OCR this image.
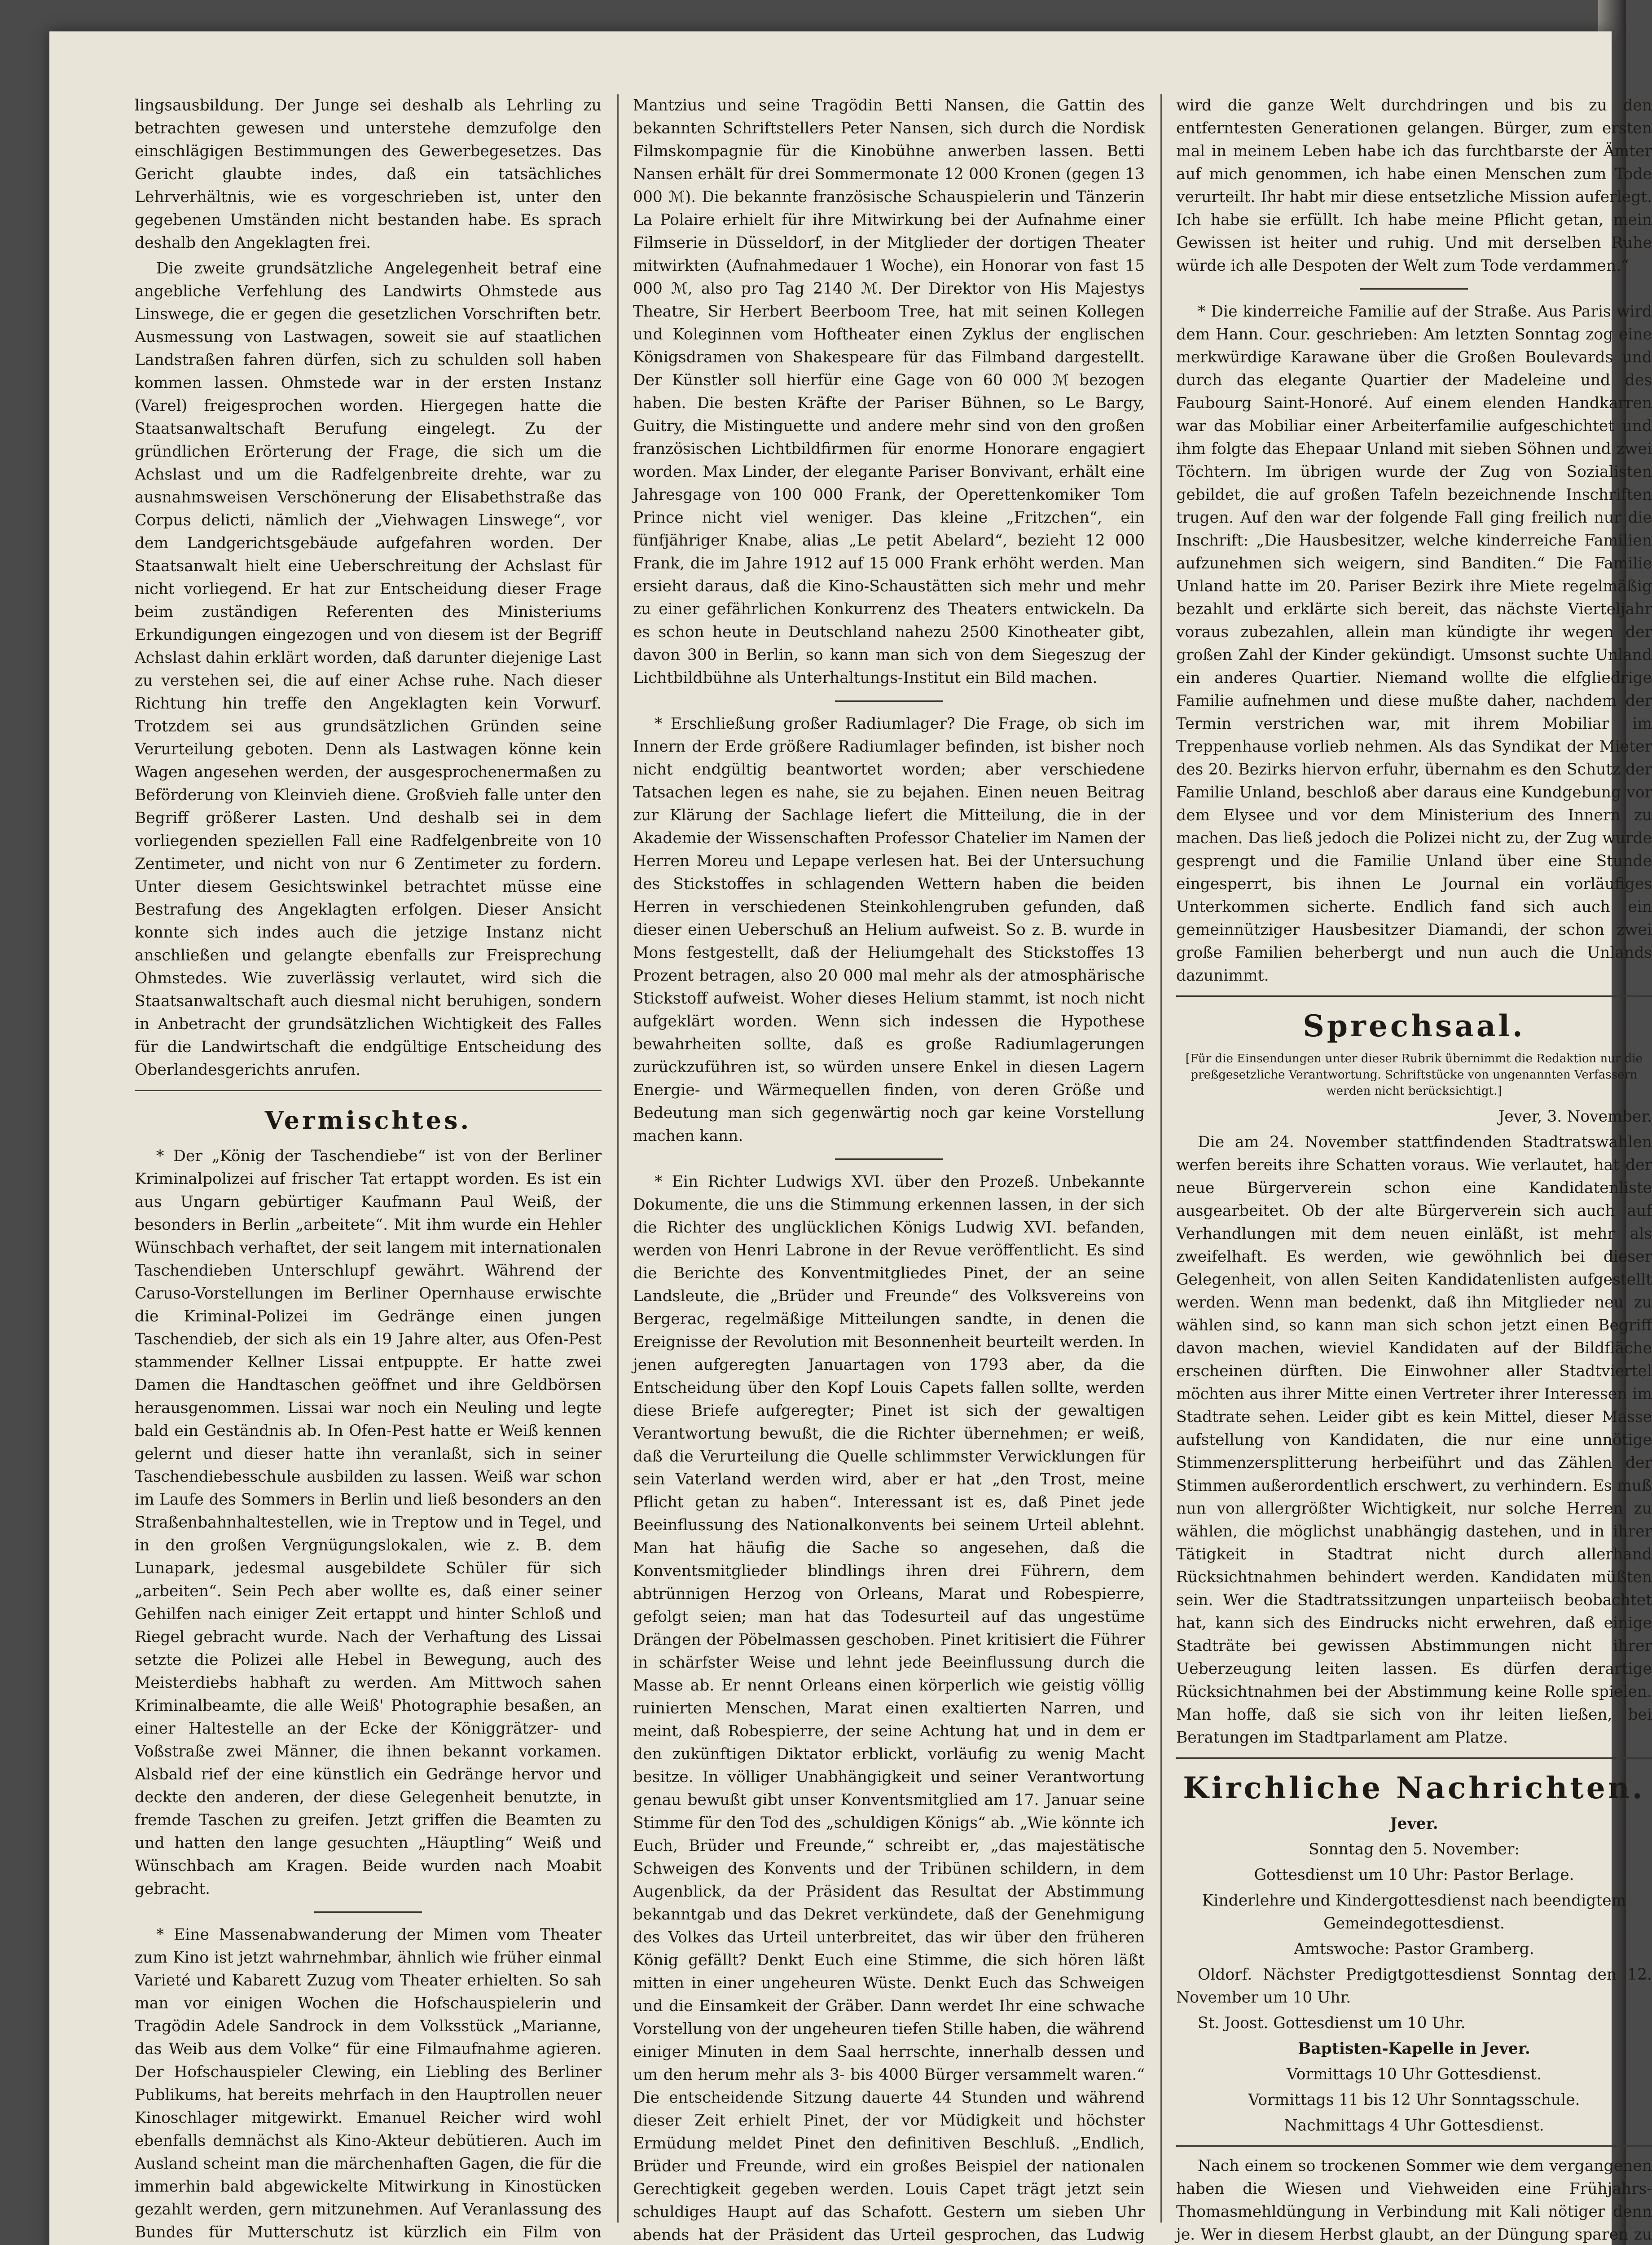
lingsausbildung. Der Junge sei deshalb als Lehrling zu betrachten gewesen und unterstehe demzufolge den einschlägigen Bestimmungen des Gewerbegesetzes. Das Gericht glaubte indes, daß ein tatsächliches Lehrverhältnis, wie es vorgeschrieben ist, unter den gegebenen Umständen nicht bestanden habe. Es sprach deshalb den Angeklagten frei.

Die zweite grundsätzliche Angelegenheit betraf eine angebliche Verfehlung des Landwirts Ohmstede aus Linswege, die er gegen die gesetzlichen Vorschriften betr. Ausmessung von Lastwagen, soweit sie auf staatlichen Landstraßen fahren dürfen, sich zu schulden soll haben kommen lassen. Ohmstede war in der ersten Instanz (Varel) freigesprochen worden. Hiergegen hatte die Staatsanwaltschaft Berufung eingelegt. Zu der gründlichen Erörterung der Frage, die sich um die Achslast und um die Radfelgenbreite drehte, war zu ausnahmsweisen Verschönerung der Elisabethstraße das Corpus delicti, nämlich der „Viehwagen Linswege“, vor dem Landgerichtsgebäude aufgefahren worden. Der Staatsanwalt hielt eine Ueberschreitung der Achslast für nicht vorliegend. Er hat zur Entscheidung dieser Frage beim zuständigen Referenten des Ministeriums Erkundigungen eingezogen und von diesem ist der Begriff Achslast dahin erklärt worden, daß darunter diejenige Last zu verstehen sei, die auf einer Achse ruhe. Nach dieser Richtung hin treffe den Angeklagten kein Vorwurf. Trotzdem sei aus grundsätzlichen Gründen seine Verurteilung geboten. Denn als Lastwagen könne kein Wagen angesehen werden, der ausgesprochenermaßen zu Beförderung von Kleinvieh diene. Großvieh falle unter den Begriff größerer Lasten. Und deshalb sei in dem vorliegenden speziellen Fall eine Radfelgenbreite von 10 Zentimeter, und nicht von nur 6 Zentimeter zu fordern. Unter diesem Gesichtswinkel betrachtet müsse eine Bestrafung des Angeklagten erfolgen. Dieser Ansicht konnte sich indes auch die jetzige Instanz nicht anschließen und gelangte ebenfalls zur Freisprechung Ohmstedes. Wie zuverlässig verlautet, wird sich die Staatsanwaltschaft auch diesmal nicht beruhigen, sondern in Anbetracht der grundsätzlichen Wichtigkeit des Falles für die Landwirtschaft die endgültige Entscheidung des Oberlandesgerichts anrufen.

Vermischtes.

* Der „König der Taschendiebe“ ist von der Berliner Kriminalpolizei auf frischer Tat ertappt worden. Es ist ein aus Ungarn gebürtiger Kaufmann Paul Weiß, der besonders in Berlin „arbeitete“. Mit ihm wurde ein Hehler Wünschbach verhaftet, der seit langem mit internationalen Taschendieben Unterschlupf gewährt. Während der Caruso-Vorstellungen im Berliner Opernhause erwischte die Kriminal-Polizei im Gedränge einen jungen Taschendieb, der sich als ein 19 Jahre alter, aus Ofen-Pest stammender Kellner Lissai entpuppte. Er hatte zwei Damen die Handtaschen geöffnet und ihre Geldbörsen herausgenommen. Lissai war noch ein Neuling und legte bald ein Geständnis ab. In Ofen-Pest hatte er Weiß kennen gelernt und dieser hatte ihn veranlaßt, sich in seiner Taschendiebesschule ausbilden zu lassen. Weiß war schon im Laufe des Sommers in Berlin und ließ besonders an den Straßenbahnhaltestellen, wie in Treptow und in Tegel, und in den großen Vergnügungslokalen, wie z. B. dem Lunapark, jedesmal ausgebildete Schüler für sich „arbeiten“. Sein Pech aber wollte es, daß einer seiner Gehilfen nach einiger Zeit ertappt und hinter Schloß und Riegel gebracht wurde. Nach der Verhaftung des Lissai setzte die Polizei alle Hebel in Bewegung, auch des Meisterdiebs habhaft zu werden. Am Mittwoch sahen Kriminalbeamte, die alle Weiß' Photographie besaßen, an einer Haltestelle an der Ecke der Königgrätzer- und Voßstraße zwei Männer, die ihnen bekannt vorkamen. Alsbald rief der eine künstlich ein Gedränge hervor und deckte den anderen, der diese Gelegenheit benutzte, in fremde Taschen zu greifen. Jetzt griffen die Beamten zu und hatten den lange gesuchten „Häuptling“ Weiß und Wünschbach am Kragen. Beide wurden nach Moabit gebracht.

* Eine Massenabwanderung der Mimen vom Theater zum Kino ist jetzt wahrnehmbar, ähnlich wie früher einmal Varieté und Kabarett Zuzug vom Theater erhielten. So sah man vor einigen Wochen die Hofschauspielerin und Tragödin Adele Sandrock in dem Volksstück „Marianne, das Weib aus dem Volke“ für eine Filmaufnahme agieren. Der Hofschauspieler Clewing, ein Liebling des Berliner Publikums, hat bereits mehrfach in den Hauptrollen neuer Kinoschlager mitgewirkt. Emanuel Reicher wird wohl ebenfalls demnächst als Kino-Akteur debütieren. Auch im Ausland scheint man die märchenhaften Gagen, die für die immerhin bald abgewickelte Mitwirkung in Kinostücken gezahlt werden, gern mitzunehmen. Auf Veranlassung des Bundes für Mutterschutz ist kürzlich ein Film von

Mantzius und seine Tragödin Betti Nansen, die Gattin des bekannten Schriftstellers Peter Nansen, sich durch die Nordisk Filmskompagnie für die Kinobühne anwerben lassen. Betti Nansen erhält für drei Sommermonate 12 000 Kronen (gegen 13 000 ℳ). Die bekannte französische Schauspielerin und Tänzerin La Polaire erhielt für ihre Mitwirkung bei der Aufnahme einer Filmserie in Düsseldorf, in der Mitglieder der dortigen Theater mitwirkten (Aufnahmedauer 1 Woche), ein Honorar von fast 15 000 ℳ, also pro Tag 2140 ℳ. Der Direktor von His Majestys Theatre, Sir Herbert Beerboom Tree, hat mit seinen Kollegen und Koleginnen vom Hoftheater einen Zyklus der englischen Königsdramen von Shakespeare für das Filmband dargestellt. Der Künstler soll hierfür eine Gage von 60 000 ℳ bezogen haben. Die besten Kräfte der Pariser Bühnen, so Le Bargy, Guitry, die Mistinguette und andere mehr sind von den großen französischen Lichtbildfirmen für enorme Honorare engagiert worden. Max Linder, der elegante Pariser Bonvivant, erhält eine Jahresgage von 100 000 Frank, der Operettenkomiker Tom Prince nicht viel weniger. Das kleine „Fritzchen“, ein fünfjähriger Knabe, alias „Le petit Abelard“, bezieht 12 000 Frank, die im Jahre 1912 auf 15 000 Frank erhöht werden. Man ersieht daraus, daß die Kino-Schaustätten sich mehr und mehr zu einer gefährlichen Konkurrenz des Theaters entwickeln. Da es schon heute in Deutschland nahezu 2500 Kinotheater gibt, davon 300 in Berlin, so kann man sich von dem Siegeszug der Lichtbildbühne als Unterhaltungs-Institut ein Bild machen.

* Erschließung großer Radiumlager? Die Frage, ob sich im Innern der Erde größere Radiumlager befinden, ist bisher noch nicht endgültig beantwortet worden; aber verschiedene Tatsachen legen es nahe, sie zu bejahen. Einen neuen Beitrag zur Klärung der Sachlage liefert die Mitteilung, die in der Akademie der Wissenschaften Professor Chatelier im Namen der Herren Moreu und Lepape verlesen hat. Bei der Untersuchung des Stickstoffes in schlagenden Wettern haben die beiden Herren in verschiedenen Steinkohlengruben gefunden, daß dieser einen Ueberschuß an Helium aufweist. So z. B. wurde in Mons festgestellt, daß der Heliumgehalt des Stickstoffes 13 Prozent betragen, also 20 000 mal mehr als der atmosphärische Stickstoff aufweist. Woher dieses Helium stammt, ist noch nicht aufgeklärt worden. Wenn sich indessen die Hypothese bewahrheiten sollte, daß es große Radiumlagerungen zurückzuführen ist, so würden unsere Enkel in diesen Lagern Energie- und Wärmequellen finden, von deren Größe und Bedeutung man sich gegenwärtig noch gar keine Vorstellung machen kann.

* Ein Richter Ludwigs XVI. über den Prozeß. Unbekannte Dokumente, die uns die Stimmung erkennen lassen, in der sich die Richter des unglücklichen Königs Ludwig XVI. befanden, werden von Henri Labrone in der Revue veröffentlicht. Es sind die Berichte des Konventmitgliedes Pinet, der an seine Landsleute, die „Brüder und Freunde“ des Volksvereins von Bergerac, regelmäßige Mitteilungen sandte, in denen die Ereignisse der Revolution mit Besonnenheit beurteilt werden. In jenen aufgeregten Januartagen von 1793 aber, da die Entscheidung über den Kopf Louis Capets fallen sollte, werden diese Briefe aufgeregter; Pinet ist sich der gewaltigen Verantwortung bewußt, die die Richter übernehmen; er weiß, daß die Verurteilung die Quelle schlimmster Verwicklungen für sein Vaterland werden wird, aber er hat „den Trost, meine Pflicht getan zu haben“. Interessant ist es, daß Pinet jede Beeinflussung des Nationalkonvents bei seinem Urteil ablehnt. Man hat häufig die Sache so angesehen, daß die Konventsmitglieder blindlings ihren drei Führern, dem abtrünnigen Herzog von Orleans, Marat und Robespierre, gefolgt seien; man hat das Todesurteil auf das ungestüme Drängen der Pöbelmassen geschoben. Pinet kritisiert die Führer in schärfster Weise und lehnt jede Beeinflussung durch die Masse ab. Er nennt Orleans einen körperlich wie geistig völlig ruinierten Menschen, Marat einen exaltierten Narren, und meint, daß Robespierre, der seine Achtung hat und in dem er den zukünftigen Diktator erblickt, vorläufig zu wenig Macht besitze. In völliger Unabhängigkeit und seiner Verantwortung genau bewußt gibt unser Konventsmitglied am 17. Januar seine Stimme für den Tod des „schuldigen Königs“ ab. „Wie könnte ich Euch, Brüder und Freunde,“ schreibt er, „das majestätische Schweigen des Konvents und der Tribünen schildern, in dem Augenblick, da der Präsident das Resultat der Abstimmung bekanntgab und das Dekret verkündete, daß der Genehmigung des Volkes das Urteil unterbreitet, das wir über den früheren König gefällt? Denkt Euch eine Stimme, die sich hören läßt mitten in einer ungeheuren Wüste. Denkt Euch das Schweigen und die Einsamkeit der Gräber. Dann werdet Ihr eine schwache Vorstellung von der ungeheuren tiefen Stille haben, die während einiger Minuten in dem Saal herrschte, innerhalb dessen und um den herum mehr als 3- bis 4000 Bürger versammelt waren.“ Die entscheidende Sitzung dauerte 44 Stunden und während dieser Zeit erhielt Pinet, der vor Müdigkeit und höchster Ermüdung meldet Pinet den definitiven Beschluß. „Endlich, Brüder und Freunde, wird ein großes Beispiel der nationalen Gerechtigkeit gegeben werden. Louis Capet trägt jetzt sein schuldiges Haupt auf das Schafott. Gestern um sieben Uhr abends hat der Präsident das Urteil gesprochen, das Ludwig

wird die ganze Welt durchdringen und bis zu den entferntesten Generationen gelangen. Bürger, zum ersten mal in meinem Leben habe ich das furchtbarste der Ämter auf mich genommen, ich habe einen Menschen zum Tode verurteilt. Ihr habt mir diese entsetzliche Mission auferlegt. Ich habe sie erfüllt. Ich habe meine Pflicht getan, mein Gewissen ist heiter und ruhig. Und mit derselben Ruhe würde ich alle Despoten der Welt zum Tode verdammen.“

* Die kinderreiche Familie auf der Straße. Aus Paris wird dem Hann. Cour. geschrieben: Am letzten Sonntag zog eine merkwürdige Karawane über die Großen Boulevards und durch das elegante Quartier der Madeleine und des Faubourg Saint-Honoré. Auf einem elenden Handkarren war das Mobiliar einer Arbeiterfamilie aufgeschichtet und ihm folgte das Ehepaar Unland mit sieben Söhnen und zwei Töchtern. Im übrigen wurde der Zug von Sozialisten gebildet, die auf großen Tafeln bezeichnende Inschriften trugen. Auf den war der folgende Fall ging freilich nur die Inschrift: „Die Hausbesitzer, welche kinderreiche Familien aufzunehmen sich weigern, sind Banditen.“ Die Familie Unland hatte im 20. Pariser Bezirk ihre Miete regelmäßig bezahlt und erklärte sich bereit, das nächste Vierteljahr voraus zubezahlen, allein man kündigte ihr wegen der großen Zahl der Kinder gekündigt. Umsonst suchte Unland ein anderes Quartier. Niemand wollte die elfgliedrige Familie aufnehmen und diese mußte daher, nachdem der Termin verstrichen war, mit ihrem Mobiliar im Treppenhause vorlieb nehmen. Als das Syndikat der Mieter des 20. Bezirks hiervon erfuhr, übernahm es den Schutz der Familie Unland, beschloß aber daraus eine Kundgebung vor dem Elysee und vor dem Ministerium des Innern zu machen. Das ließ jedoch die Polizei nicht zu, der Zug wurde gesprengt und die Familie Unland über eine Stunde eingesperrt, bis ihnen Le Journal ein vorläufiges Unterkommen sicherte. Endlich fand sich auch ein gemeinnütziger Hausbesitzer Diamandi, der schon zwei große Familien beherbergt und nun auch die Unlands dazunimmt.

Sprechsaal.
[Für die Einsendungen unter dieser Rubrik übernimmt die Redaktion nur die preßgesetzliche Verantwortung. Schriftstücke von ungenannten Verfassern werden nicht berücksichtigt.]

Jever, 3. November.

Die am 24. November stattfindenden Stadtratswahlen werfen bereits ihre Schatten voraus. Wie verlautet, hat der neue Bürgerverein schon eine Kandidatenliste ausgearbeitet. Ob der alte Bürgerverein sich auch auf Verhandlungen mit dem neuen einläßt, ist mehr als zweifelhaft. Es werden, wie gewöhnlich bei dieser Gelegenheit, von allen Seiten Kandidatenlisten aufgestellt werden. Wenn man bedenkt, daß ihn Mitglieder neu zu wählen sind, so kann man sich schon jetzt einen Begriff davon machen, wieviel Kandidaten auf der Bildfläche erscheinen dürften. Die Einwohner aller Stadtviertel möchten aus ihrer Mitte einen Vertreter ihrer Interessen im Stadtrate sehen. Leider gibt es kein Mittel, dieser Masse aufstellung von Kandidaten, die nur eine unnötige Stimmenzersplitterung herbeiführt und das Zählen der Stimmen außerordentlich erschwert, zu verhindern. Es muß nun von allergrößter Wichtigkeit, nur solche Herren zu wählen, die möglichst unabhängig dastehen, und in ihrer Tätigkeit in Stadtrat nicht durch allerhand Rücksichtnahmen behindert werden. Kandidaten müßten sein. Wer die Stadtratssitzungen unparteiisch beobachtet hat, kann sich des Eindrucks nicht erwehren, daß einige Stadträte bei gewissen Abstimmungen nicht ihrer Ueberzeugung leiten lassen. Es dürfen derartige Rücksichtnahmen bei der Abstimmung keine Rolle spielen. Man hoffe, daß sie sich von ihr leiten ließen, bei Beratungen im Stadtparlament am Platze.

Kirchliche Nachrichten.

Jever.

Sonntag den 5. November:

Gottesdienst um 10 Uhr: Pastor Berlage.

Kinderlehre und Kindergottesdienst nach beendigtem Gemeindegottesdienst.

Amtswoche: Pastor Gramberg.

Oldorf. Nächster Predigtgottesdienst Sonntag den 12. November um 10 Uhr.

St. Joost. Gottesdienst um 10 Uhr.

Baptisten-Kapelle in Jever.

Vormittags 10 Uhr Gottesdienst.

Vormittags 11 bis 12 Uhr Sonntagsschule.

Nachmittags 4 Uhr Gottesdienst.

Nach einem so trockenen Sommer wie dem vergangenen haben die Wiesen und Viehweiden eine Frühjahrs-Thomasmehldüngung in Verbindung mit Kali nötiger denn je. Wer in diesem Herbst glaubt, an der Düngung sparen zu
